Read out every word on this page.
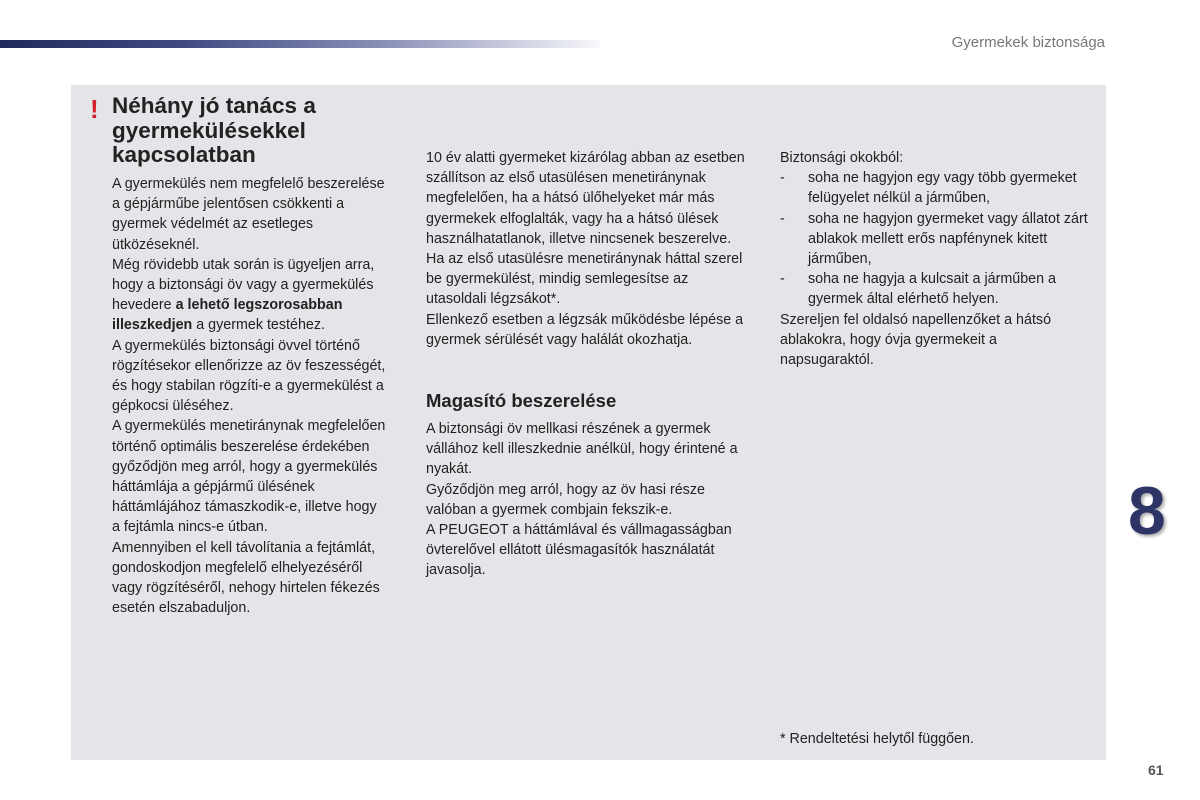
Gyermekek biztonsága
! Néhány jó tanács a gyermekülésekkel kapcsolatban

A gyermekülés nem megfelelő beszerelése a gépjárműbe jelentősen csökkenti a gyermek védelmét az esetleges ütközéseknél.

Még rövidebb utak során is ügyeljen arra, hogy a biztonsági öv vagy a gyermekülés hevedere a lehető legszorosabban illeszkedjen a gyermek testéhez.

A gyermekülés biztonsági övvel történő rögzítésekor ellenőrizze az öv feszességét, és hogy stabilan rögzíti-e a gyermekülést a gépkocsi üléséhez.

A gyermekülés menetiránynak megfelelően történő optimális beszerelése érdekében győződjön meg arról, hogy a gyermekülés háttámlája a gépjármű ülésének háttámlájához támaszkodik-e, illetve hogy a fejtámla nincs-e útban.

Amennyiben el kell távolítania a fejtámlát, gondoskodjon megfelelő elhelyezéséről vagy rögzítéséről, nehogy hirtelen fékezés esetén elszabaduljon.

10 év alatti gyermeket kizárólag abban az esetben szállítson az első utasülésen menetiránynak megfelelően, ha a hátsó ülőhelyeket már más gyermekek elfoglalták, vagy ha a hátsó ülések használhatatlanok, illetve nincsenek beszerelve.

Ha az első utasülésre menetiránynak háttal szerel be gyermekülést, mindig semlegesítse az utasoldali légzsákot*.

Ellenkező esetben a légzsák működésbe lépése a gyermek sérülését vagy halálát okozhatja.

Magasító beszerelése

A biztonsági öv mellkasi részének a gyermek vállához kell illeszkednie anélkül, hogy érintené a nyakát.

Győződjön meg arról, hogy az öv hasi része valóban a gyermek combjain fekszik-e.

A PEUGEOT a háttámlával és vállmagasságban övterelővel ellátott ülésmagasítók használatát javasolja.

Biztonsági okokból:

- soha ne hagyjon egy vagy több gyermeket felügyelet nélkül a járműben,
- soha ne hagyjon gyermeket vagy állatot zárt ablakok mellett erős napfénynek kitett járműben,
- soha ne hagyja a kulcsait a járműben a gyermek által elérhető helyen.

Szereljen fel oldalsó napellenzőket a hátsó ablakokra, hogy óvja gyermekeit a napsugaraktól.

* Rendeltetési helytől függően.
8
61
